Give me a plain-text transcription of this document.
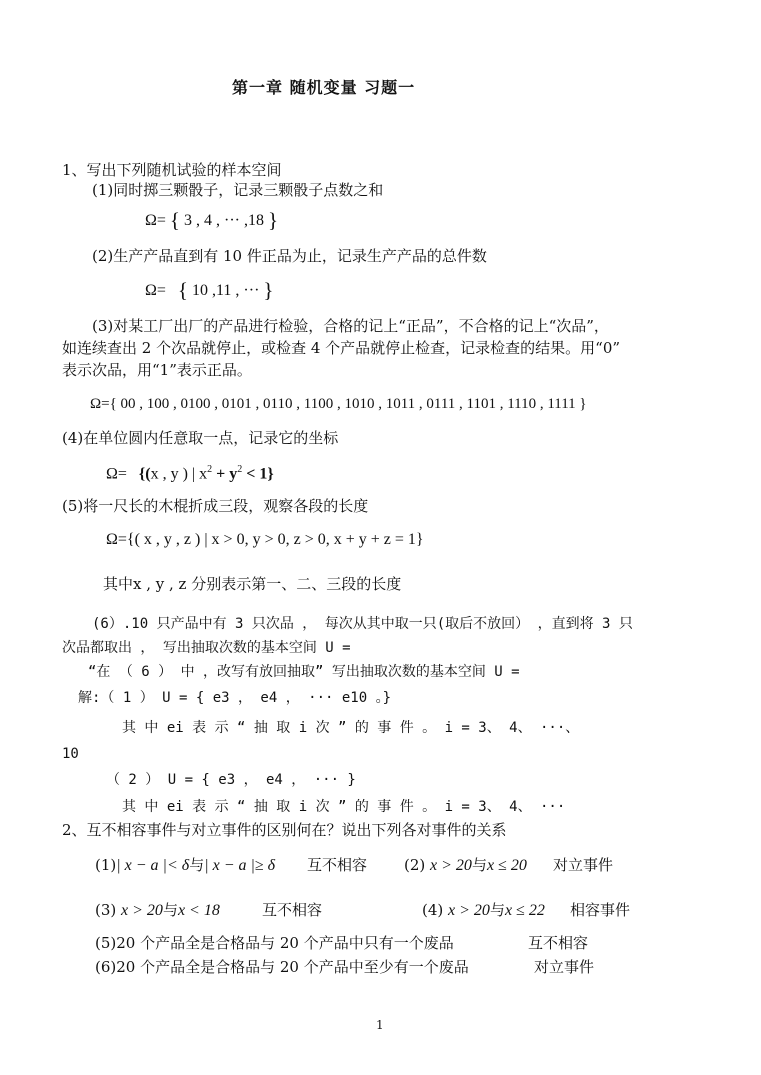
第一章 随机变量 习题一
1、写出下列随机试验的样本空间
(1)同时掷三颗骰子，记录三颗骰子点数之和
Ω= { 3 , 4 , ··· ,18 }
(2)生产产品直到有 10 件正品为止，记录生产产品的总件数
Ω= { 10 ,11 , ··· }
(3)对某工厂出厂的产品进行检验，合格的记上“正品”，不合格的记上“次品”，
如连续查出 2 个次品就停止，或检查 4 个产品就停止检查，记录检查的结果。用“0”
表示次品，用“1”表示正品。
Ω={ 00 , 100 , 0100 , 0101 , 0110 , 1100 , 1010 , 1011 , 0111 , 1101 , 1110 , 1111 }
(4)在单位圆内任意取一点，记录它的坐标
Ω= {(x , y ) | $x^2 + y^2 < 1$}
(5)将一尺长的木棍折成三段，观察各段的长度
Ω={( x , y , z ) | x > 0, y > 0, z > 0, x + y + z = 1}
其中x , y , z 分别表示第一、二、三段的长度
(6）.10 只产品中有 3 只次品 ， 每次从其中取一只(取后不放回） ，直到将 3 只
次品都取出 ， 写出抽取次数的基本空间 U =
“在 （ 6 ） 中 ，改写有放回抽取” 写出抽取次数的基本空间 U =
解:（ 1 ） U = { e3 ， e4 ， ··· e10 。}
其 中 ei 表 示 “ 抽 取 i 次 ” 的 事 件 。 i = 3、 4、 ···、
10
（ 2 ） U = { e3 ， e4 ， ··· }
其 中 ei 表 示 “ 抽 取 i 次 ” 的 事 件 。 i = 3、 4、 ···
2、互不相容事件与对立事件的区别何在？说出下列各对事件的关系
(1)| x − a |< δ与| x − a |≥ δ 互不相容 (2) x > 20与x ≤ 20 对立事件
(3) x > 20与x < 18	互不相容	(4) x > 20与x ≤ 22 相容事件
(5)20 个产品全是合格品与 20 个产品中只有一个废品	互不相容
(6)20 个产品全是合格品与 20 个产品中至少有一个废品	对立事件
1
